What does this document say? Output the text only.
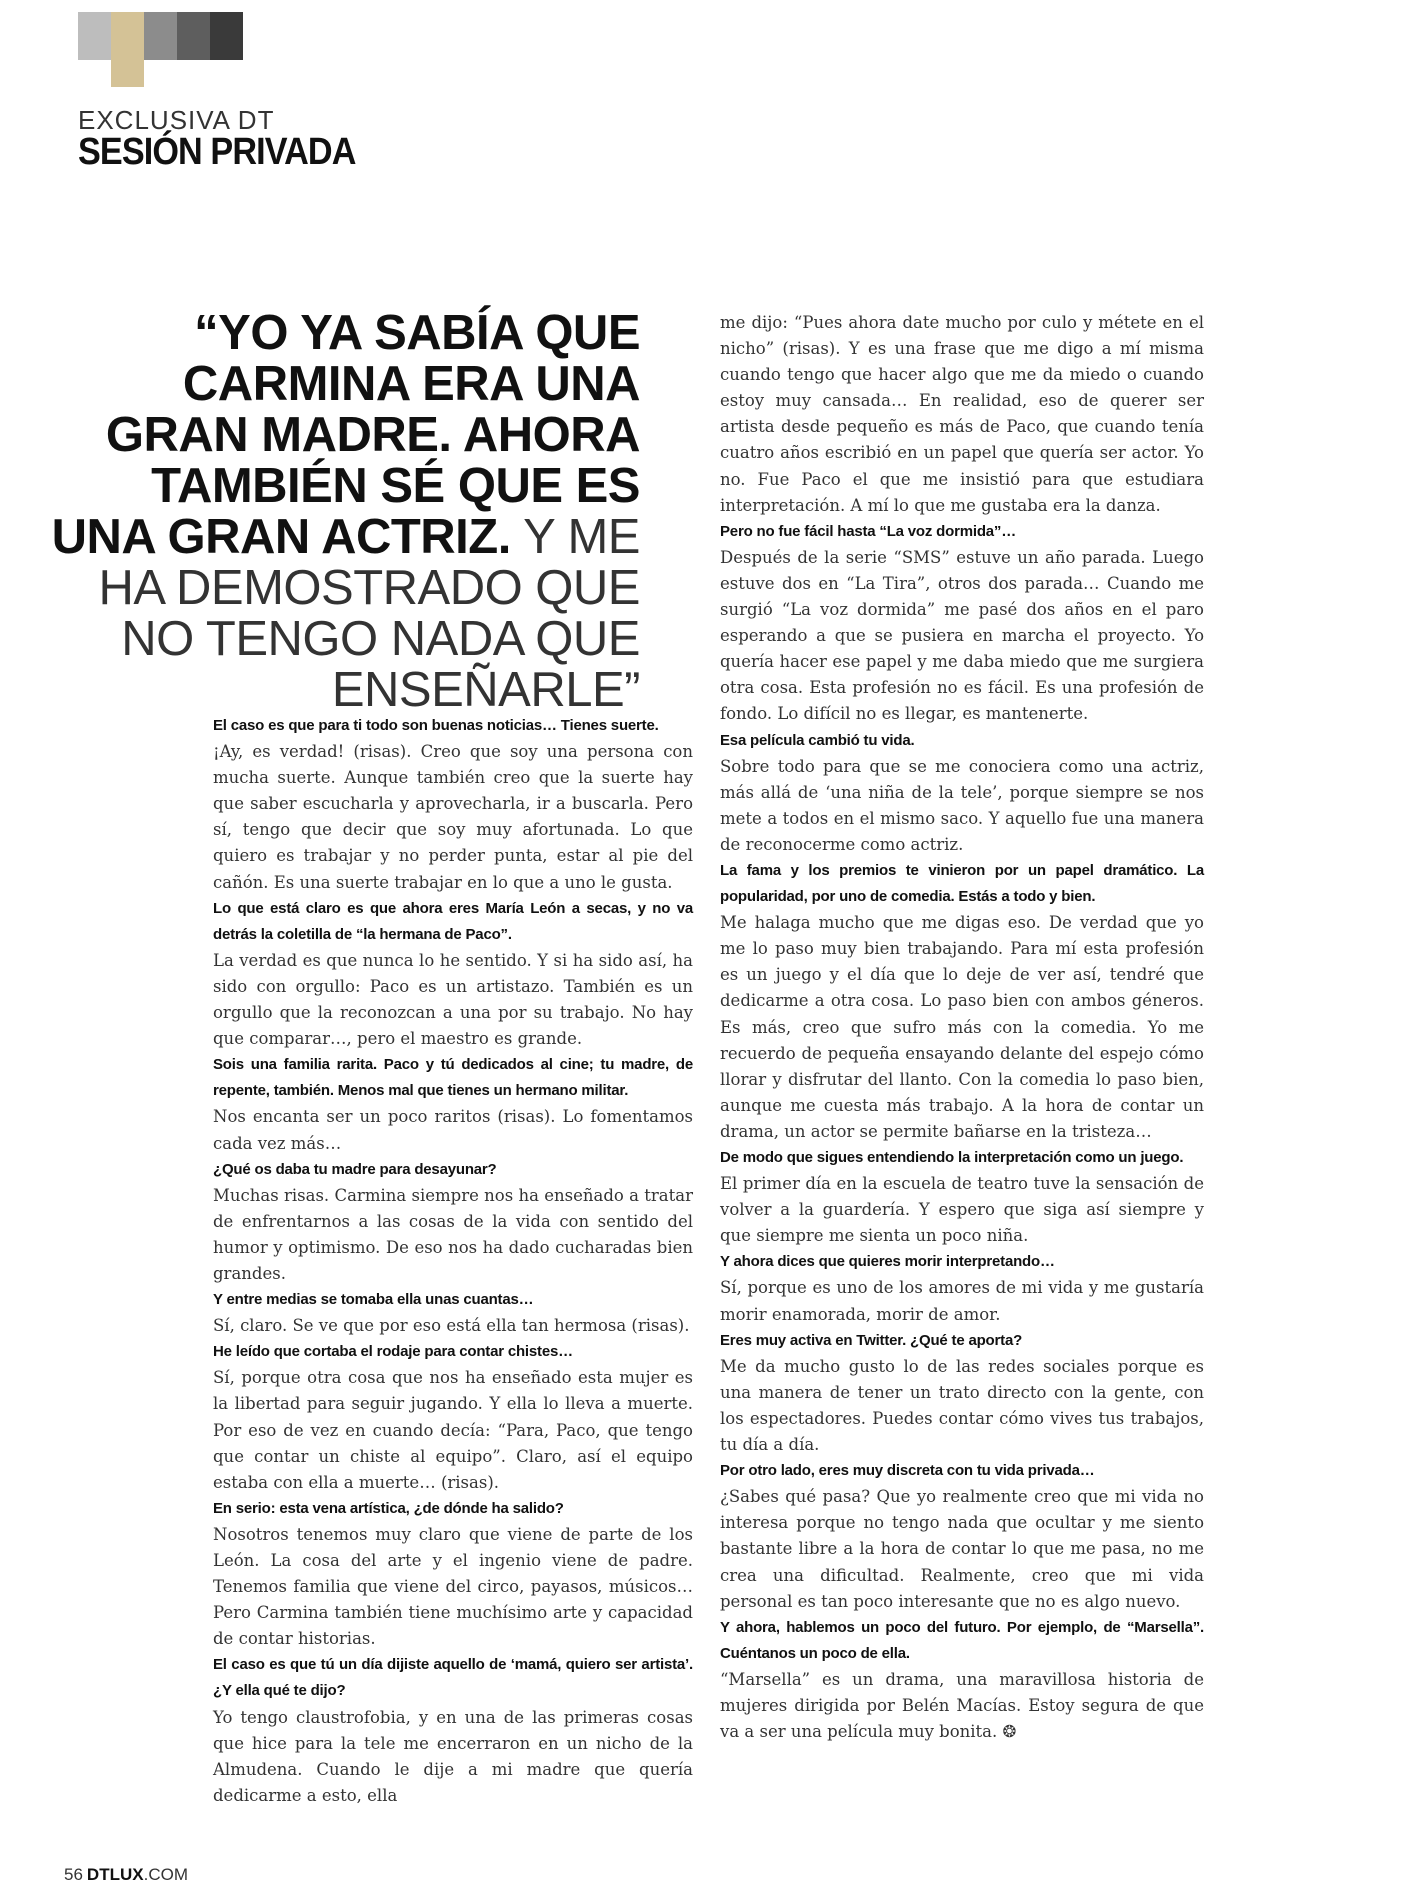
EXCLUSIVA DT
SESIÓN PRIVADA
“YO YA SABÍA QUE CARMINA ERA UNA GRAN MADRE. AHORA TAMBIÉN SÉ QUE ES UNA GRAN ACTRIZ. Y ME HA DEMOSTRADO QUE NO TENGO NADA QUE ENSEÑARLE”

El caso es que para ti todo son buenas noticias… Tienes suerte.

¡Ay, es verdad! (risas). Creo que soy una persona con mucha suerte. Aunque también creo que la suerte hay que saber escucharla y aprovecharla, ir a buscarla. Pero sí, tengo que decir que soy muy afortunada. Lo que quiero es trabajar y no perder punta, estar al pie del cañón. Es una suerte trabajar en lo que a uno le gusta.

Lo que está claro es que ahora eres María León a secas, y no va detrás la coletilla de “la hermana de Paco”.

La verdad es que nunca lo he sentido. Y si ha sido así, ha sido con orgullo: Paco es un artistazo. También es un orgullo que la reconozcan a una por su trabajo. No hay que comparar…, pero el maestro es grande.

Sois una familia rarita. Paco y tú dedicados al cine; tu madre, de repente, también. Menos mal que tienes un hermano militar.

Nos encanta ser un poco raritos (risas). Lo fomentamos cada vez más…

¿Qué os daba tu madre para desayunar?

Muchas risas. Carmina siempre nos ha enseñado a tratar de enfrentarnos a las cosas de la vida con sentido del humor y optimismo. De eso nos ha dado cucharadas bien grandes.

Y entre medias se tomaba ella unas cuantas…

Sí, claro. Se ve que por eso está ella tan hermosa (risas).

He leído que cortaba el rodaje para contar chistes…

Sí, porque otra cosa que nos ha enseñado esta mujer es la libertad para seguir jugando. Y ella lo lleva a muerte. Por eso de vez en cuando decía: “Para, Paco, que tengo que contar un chiste al equipo”. Claro, así el equipo estaba con ella a muerte… (risas).

En serio: esta vena artística, ¿de dónde ha salido?

Nosotros tenemos muy claro que viene de parte de los León. La cosa del arte y el ingenio viene de padre. Tenemos familia que viene del circo, payasos, músicos… Pero Carmina también tiene muchísimo arte y capacidad de contar historias.

El caso es que tú un día dijiste aquello de ‘mamá, quiero ser artista’. ¿Y ella qué te dijo?

Yo tengo claustrofobia, y en una de las primeras cosas que hice para la tele me encerraron en un nicho de la Almudena. Cuando le dije a mi madre que quería dedicarme a esto, ella

me dijo: “Pues ahora date mucho por culo y métete en el nicho” (risas). Y es una frase que me digo a mí misma cuando tengo que hacer algo que me da miedo o cuando estoy muy cansada… En realidad, eso de querer ser artista desde pequeño es más de Paco, que cuando tenía cuatro años escribió en un papel que quería ser actor. Yo no. Fue Paco el que me insistió para que estudiara interpretación. A mí lo que me gustaba era la danza.

Pero no fue fácil hasta “La voz dormida”…

Después de la serie “SMS” estuve un año parada. Luego estuve dos en “La Tira”, otros dos parada… Cuando me surgió “La voz dormida” me pasé dos años en el paro esperando a que se pusiera en marcha el proyecto. Yo quería hacer ese papel y me daba miedo que me surgiera otra cosa. Esta profesión no es fácil. Es una profesión de fondo. Lo difícil no es llegar, es mantenerte.

Esa película cambió tu vida.

Sobre todo para que se me conociera como una actriz, más allá de ‘una niña de la tele’, porque siempre se nos mete a todos en el mismo saco. Y aquello fue una manera de reconocerme como actriz.

La fama y los premios te vinieron por un papel dramático. La popularidad, por uno de comedia. Estás a todo y bien.

Me halaga mucho que me digas eso. De verdad que yo me lo paso muy bien trabajando. Para mí esta profesión es un juego y el día que lo deje de ver así, tendré que dedicarme a otra cosa. Lo paso bien con ambos géneros. Es más, creo que sufro más con la comedia. Yo me recuerdo de pequeña ensayando delante del espejo cómo llorar y disfrutar del llanto. Con la comedia lo paso bien, aunque me cuesta más trabajo. A la hora de contar un drama, un actor se permite bañarse en la tristeza…

De modo que sigues entendiendo la interpretación como un juego.

El primer día en la escuela de teatro tuve la sensación de volver a la guardería. Y espero que siga así siempre y que siempre me sienta un poco niña.

Y ahora dices que quieres morir interpretando…

Sí, porque es uno de los amores de mi vida y me gustaría morir enamorada, morir de amor.

Eres muy activa en Twitter. ¿Qué te aporta?

Me da mucho gusto lo de las redes sociales porque es una manera de tener un trato directo con la gente, con los espectadores. Puedes contar cómo vives tus trabajos, tu día a día.

Por otro lado, eres muy discreta con tu vida privada…

¿Sabes qué pasa? Que yo realmente creo que mi vida no interesa porque no tengo nada que ocultar y me siento bastante libre a la hora de contar lo que me pasa, no me crea una dificultad. Realmente, creo que mi vida personal es tan poco interesante que no es algo nuevo.

Y ahora, hablemos un poco del futuro. Por ejemplo, de “Marsella”. Cuéntanos un poco de ella.

“Marsella” es un drama, una maravillosa historia de mujeres dirigida por Belén Macías. Estoy segura de que va a ser una película muy bonita. ❂

56 DTLUX.COM
